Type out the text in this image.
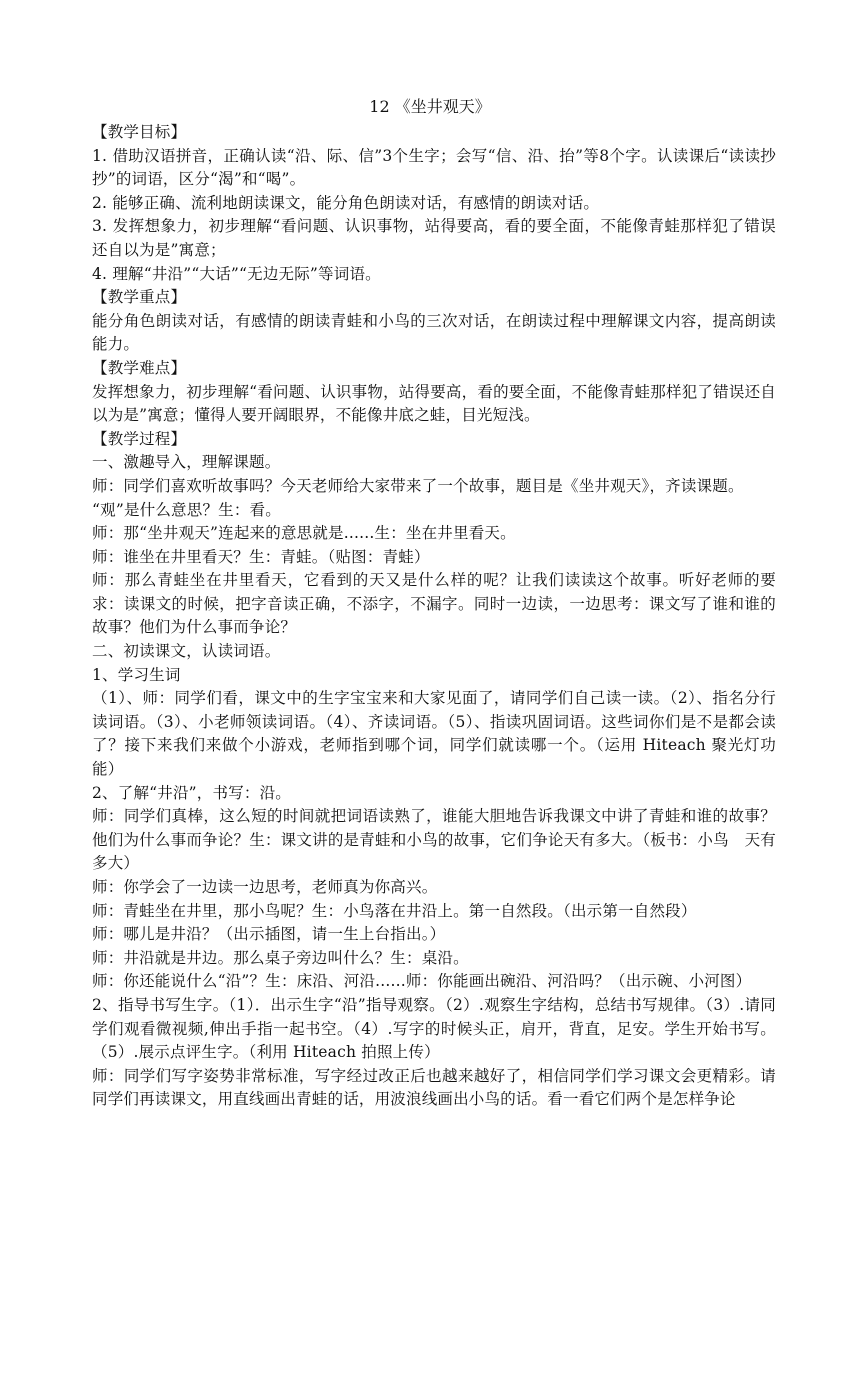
12 《坐井观天》

【教学目标】

1. 借助汉语拼音，正确认读“沿、际、信”3个生字；会写“信、沿、抬”等8个字。认读课后“读读抄抄”的词语，区分“渴”和“喝”。

2. 能够正确、流利地朗读课文，能分角色朗读对话，有感情的朗读对话。

3. 发挥想象力，初步理解“看问题、认识事物，站得要高，看的要全面，不能像青蛙那样犯了错误还自以为是”寓意；

4. 理解“井沿”“大话”“无边无际”等词语。

【教学重点】

能分角色朗读对话，有感情的朗读青蛙和小鸟的三次对话，在朗读过程中理解课文内容，提高朗读能力。

【教学难点】

发挥想象力，初步理解“看问题、认识事物，站得要高，看的要全面，不能像青蛙那样犯了错误还自以为是”寓意；懂得人要开阔眼界，不能像井底之蛙，目光短浅。

【教学过程】

一、激趣导入，理解课题。

师：同学们喜欢听故事吗？今天老师给大家带来了一个故事，题目是《坐井观天》，齐读课题。

“观”是什么意思？生：看。

师：那“坐井观天”连起来的意思就是......生：坐在井里看天。

师：谁坐在井里看天？生：青蛙。（贴图：青蛙）

师：那么青蛙坐在井里看天，它看到的天又是什么样的呢？让我们读读这个故事。听好老师的要求：读课文的时候，把字音读正确，不添字，不漏字。同时一边读，一边思考：课文写了谁和谁的故事？他们为什么事而争论？

二、初读课文，认读词语。

1、学习生词

（1）、师：同学们看，课文中的生字宝宝来和大家见面了，请同学们自己读一读。（2）、指名分行读词语。（3）、小老师领读词语。（4）、齐读词语。（5）、指读巩固词语。这些词你们是不是都会读了？接下来我们来做个小游戏，老师指到哪个词，同学们就读哪一个。（运用 Hiteach 聚光灯功能）

2、了解“井沿”，书写：沿。

师：同学们真棒，这么短的时间就把词语读熟了，谁能大胆地告诉我课文中讲了青蛙和谁的故事？他们为什么事而争论？生：课文讲的是青蛙和小鸟的故事，它们争论天有多大。（板书：小鸟　天有多大）

师：你学会了一边读一边思考，老师真为你高兴。

师：青蛙坐在井里，那小鸟呢？生：小鸟落在井沿上。第一自然段。（出示第一自然段）

师：哪儿是井沿？（出示插图，请一生上台指出。）

师：井沿就是井边。那么桌子旁边叫什么？生：桌沿。

师：你还能说什么“沿”？生：床沿、河沿......师：你能画出碗沿、河沿吗？（出示碗、小河图）

2、指导书写生字。（1）．出示生字“沿”指导观察。（2）.观察生字结构，总结书写规律。（3）.请同学们观看微视频,伸出手指一起书空。（4）.写字的时候头正，肩开，背直，足安。学生开始书写。（5）.展示点评生字。（利用 Hiteach 拍照上传）

师：同学们写字姿势非常标准，写字经过改正后也越来越好了，相信同学们学习课文会更精彩。请同学们再读课文，用直线画出青蛙的话，用波浪线画出小鸟的话。看一看它们两个是怎样争论
